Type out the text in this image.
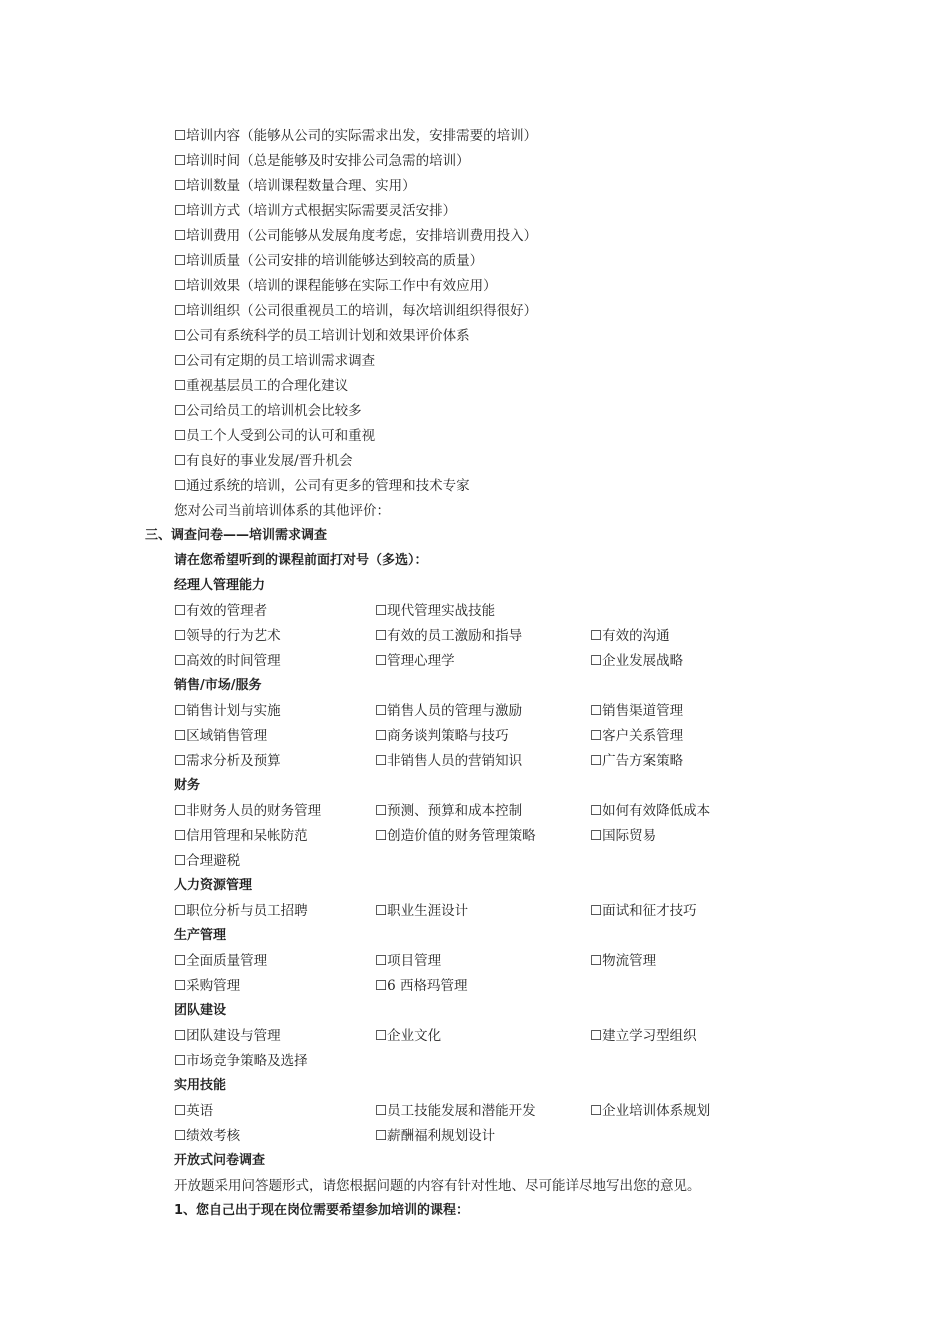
☐培训内容（能够从公司的实际需求出发，安排需要的培训）
☐培训时间（总是能够及时安排公司急需的培训）
☐培训数量（培训课程数量合理、实用）
☐培训方式（培训方式根据实际需要灵活安排）
☐培训费用（公司能够从发展角度考虑，安排培训费用投入）
☐培训质量（公司安排的培训能够达到较高的质量）
☐培训效果（培训的课程能够在实际工作中有效应用）
☐培训组织（公司很重视员工的培训，每次培训组织得很好）
☐公司有系统科学的员工培训计划和效果评价体系
☐公司有定期的员工培训需求调查
☐重视基层员工的合理化建议
☐公司给员工的培训机会比较多
☐员工个人受到公司的认可和重视
☐有良好的事业发展/晋升机会
☐通过系统的培训，公司有更多的管理和技术专家
您对公司当前培训体系的其他评价：
三、调查问卷——培训需求调查
请在您希望听到的课程前面打对号（多选）：
经理人管理能力
☐有效的管理者	☐现代管理实战技能
☐领导的行为艺术	☐有效的员工激励和指导	☐有效的沟通
☐高效的时间管理	☐管理心理学	☐企业发展战略
销售/市场/服务
☐销售计划与实施	☐销售人员的管理与激励	☐销售渠道管理
☐区域销售管理	☐商务谈判策略与技巧	☐客户关系管理
☐需求分析及预算	☐非销售人员的营销知识	☐广告方案策略
财务
☐非财务人员的财务管理	☐预测、预算和成本控制	☐如何有效降低成本
☐信用管理和呆帐防范	☐创造价值的财务管理策略	☐国际贸易
☐合理避税
人力资源管理
☐职位分析与员工招聘	☐职业生涯设计	☐面试和征才技巧
生产管理
☐全面质量管理	☐项目管理	☐物流管理
☐采购管理	☐6 西格玛管理
团队建设
☐团队建设与管理	☐企业文化	☐建立学习型组织
☐市场竞争策略及选择
实用技能
☐英语	☐员工技能发展和潜能开发	☐企业培训体系规划
☐绩效考核	☐薪酬福利规划设计
开放式问卷调查
开放题采用问答题形式，请您根据问题的内容有针对性地、尽可能详尽地写出您的意见。
1、您自己出于现在岗位需要希望参加培训的课程：
